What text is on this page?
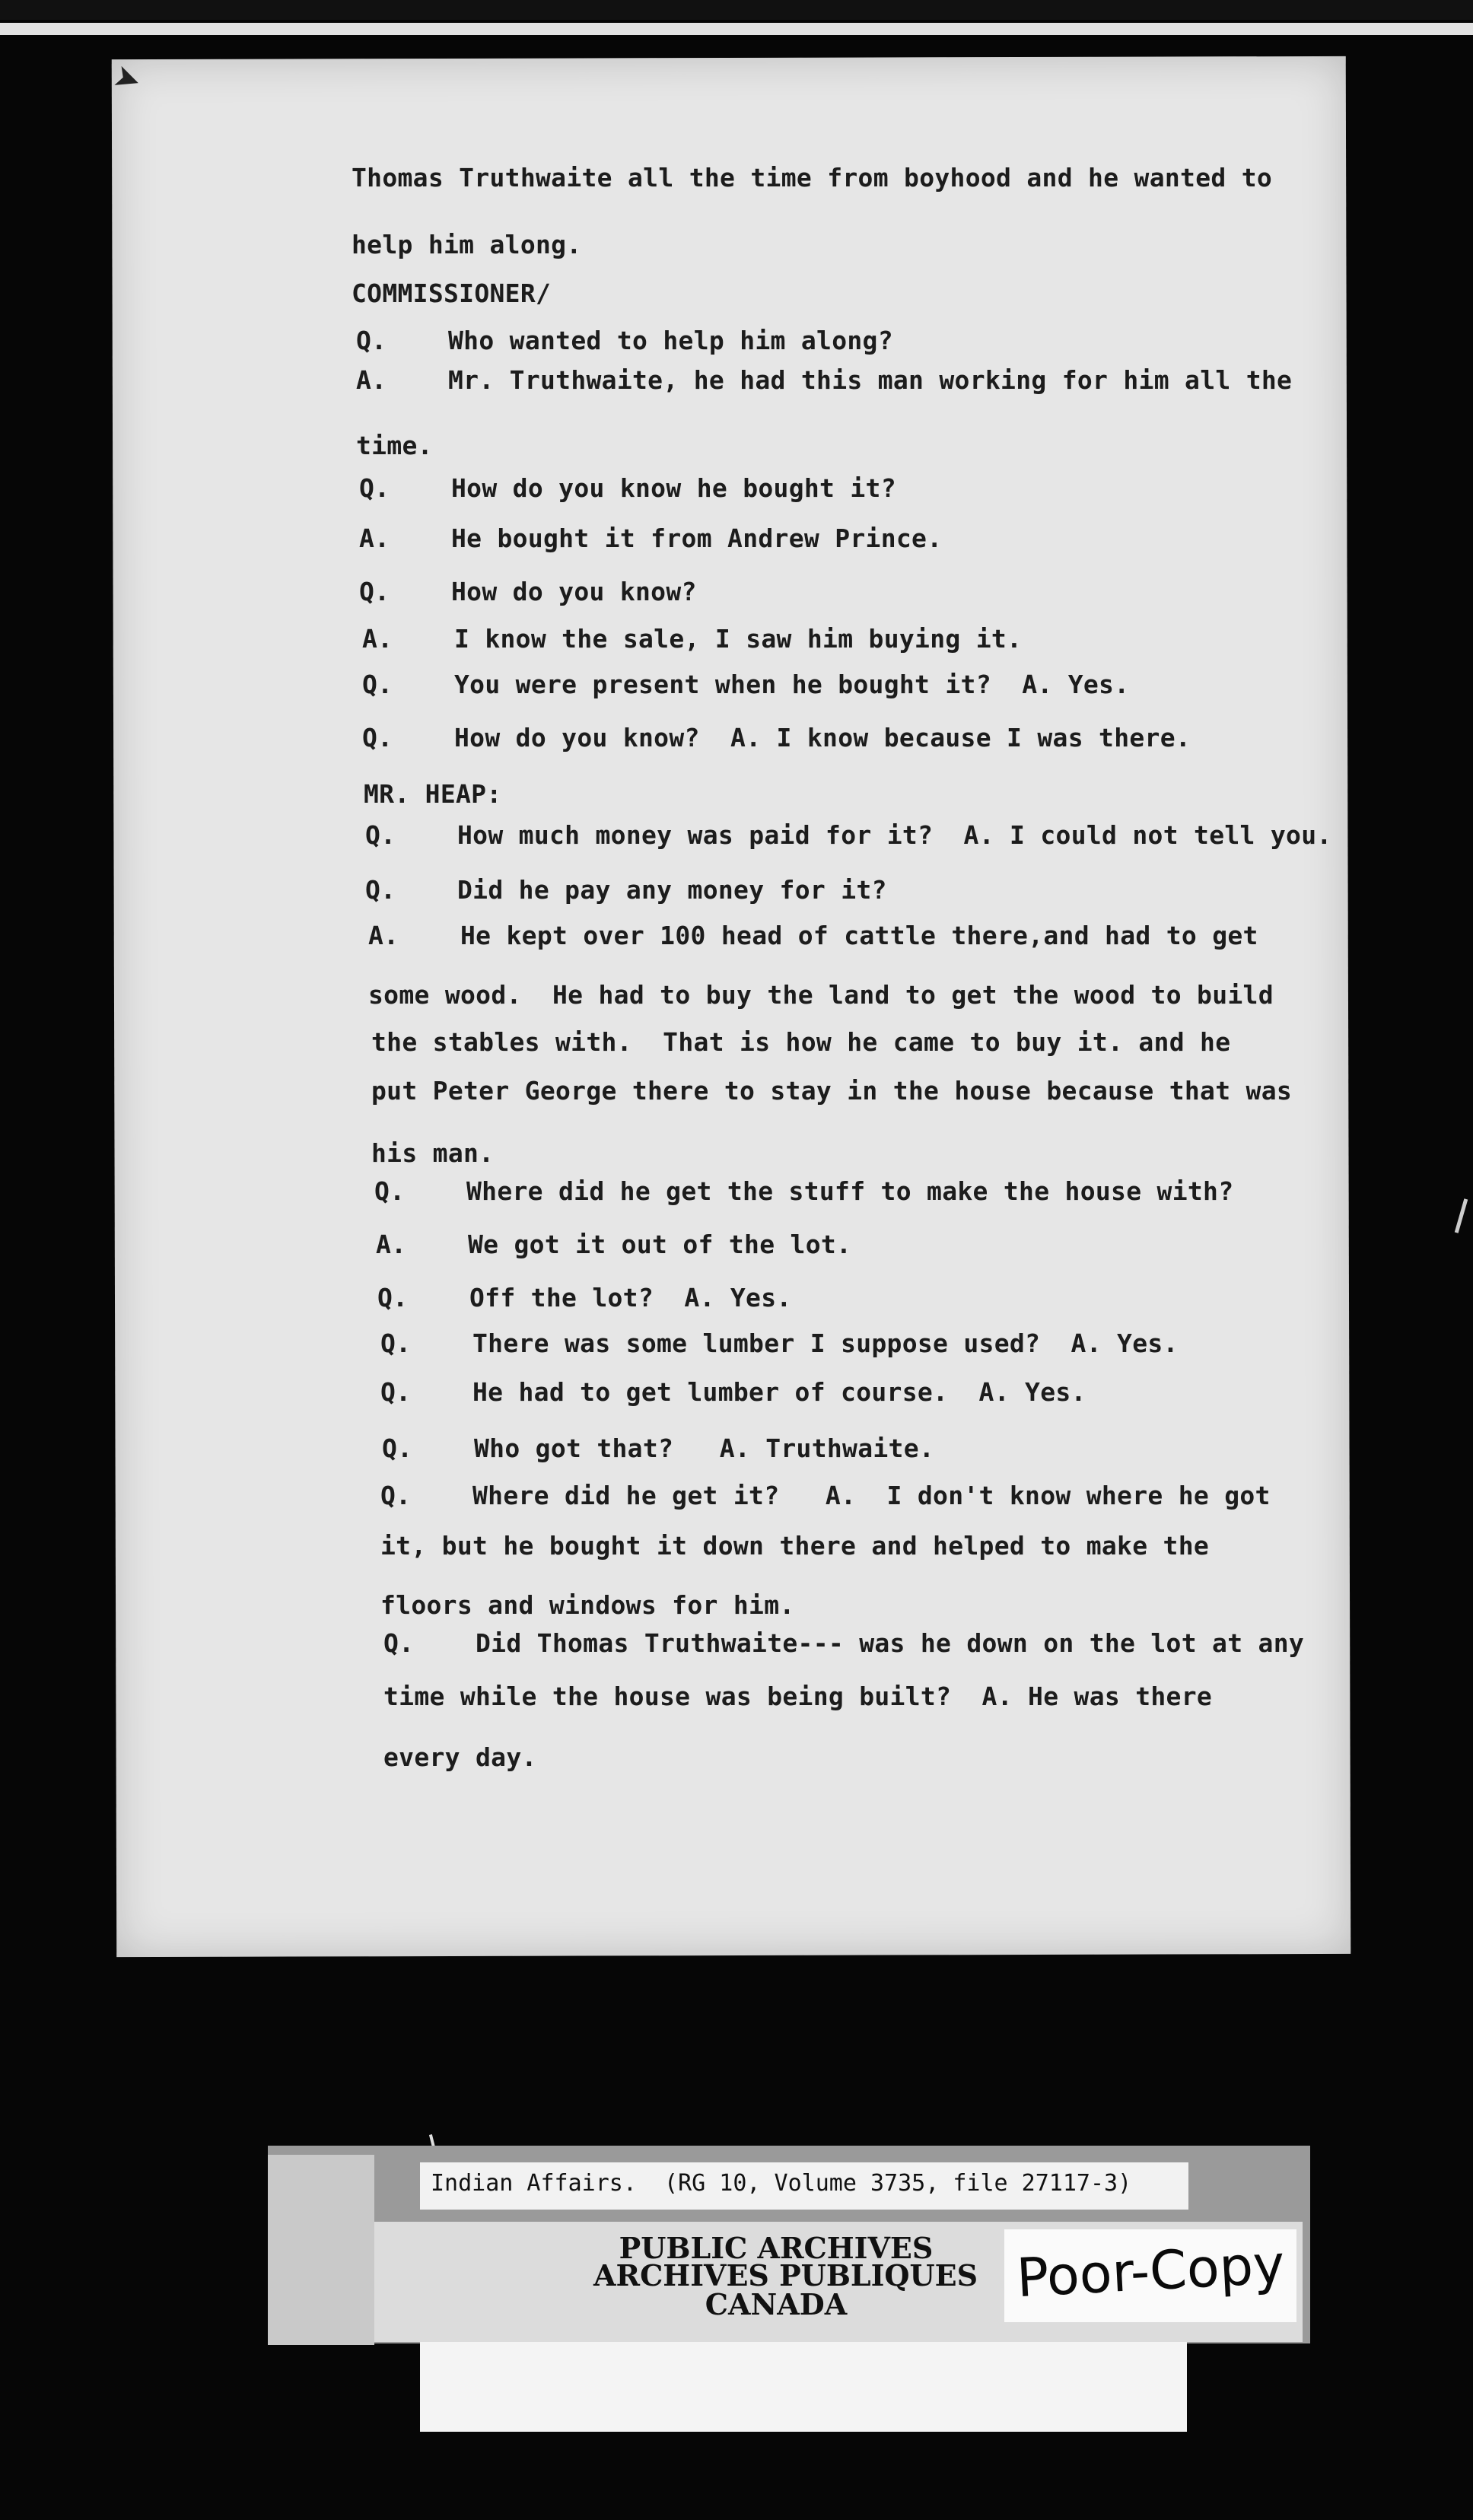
➤

Thomas Truthwaite all the time from boyhood and he wanted to

help him along.

COMMISSIONER/

Q.    Who wanted to help him along?

A.    Mr. Truthwaite, he had this man working for him all the

time.

Q.    How do you know he bought it?

A.    He bought it from Andrew Prince.

Q.    How do you know?

A.    I know the sale, I saw him buying it.

Q.    You were present when he bought it?  A. Yes.

Q.    How do you know?  A. I know because I was there.

MR. HEAP:

Q.    How much money was paid for it?  A. I could not tell you.

Q.    Did he pay any money for it?

A.    He kept over 100 head of cattle there,and had to get

some wood.  He had to buy the land to get the wood to build

the stables with.  That is how he came to buy it. and he

put Peter George there to stay in the house because that was

his man.

Q.    Where did he get the stuff to make the house with?

A.    We got it out of the lot.

Q.    Off the lot?  A. Yes.

Q.    There was some lumber I suppose used?  A. Yes.

Q.    He had to get lumber of course.  A. Yes.

Q.    Who got that?   A. Truthwaite.

Q.    Where did he get it?   A.  I don't know where he got

it, but he bought it down there and helped to make the

floors and windows for him.

Q.    Did Thomas Truthwaite--- was he down on the lot at any

time while the house was being built?  A. He was there

every day.

Indian Affairs.  (RG 10, Volume 3735, file 27117-3)

PUBLIC ARCHIVES

ARCHIVES PUBLIQUES

CANADA	Poor-Copy
